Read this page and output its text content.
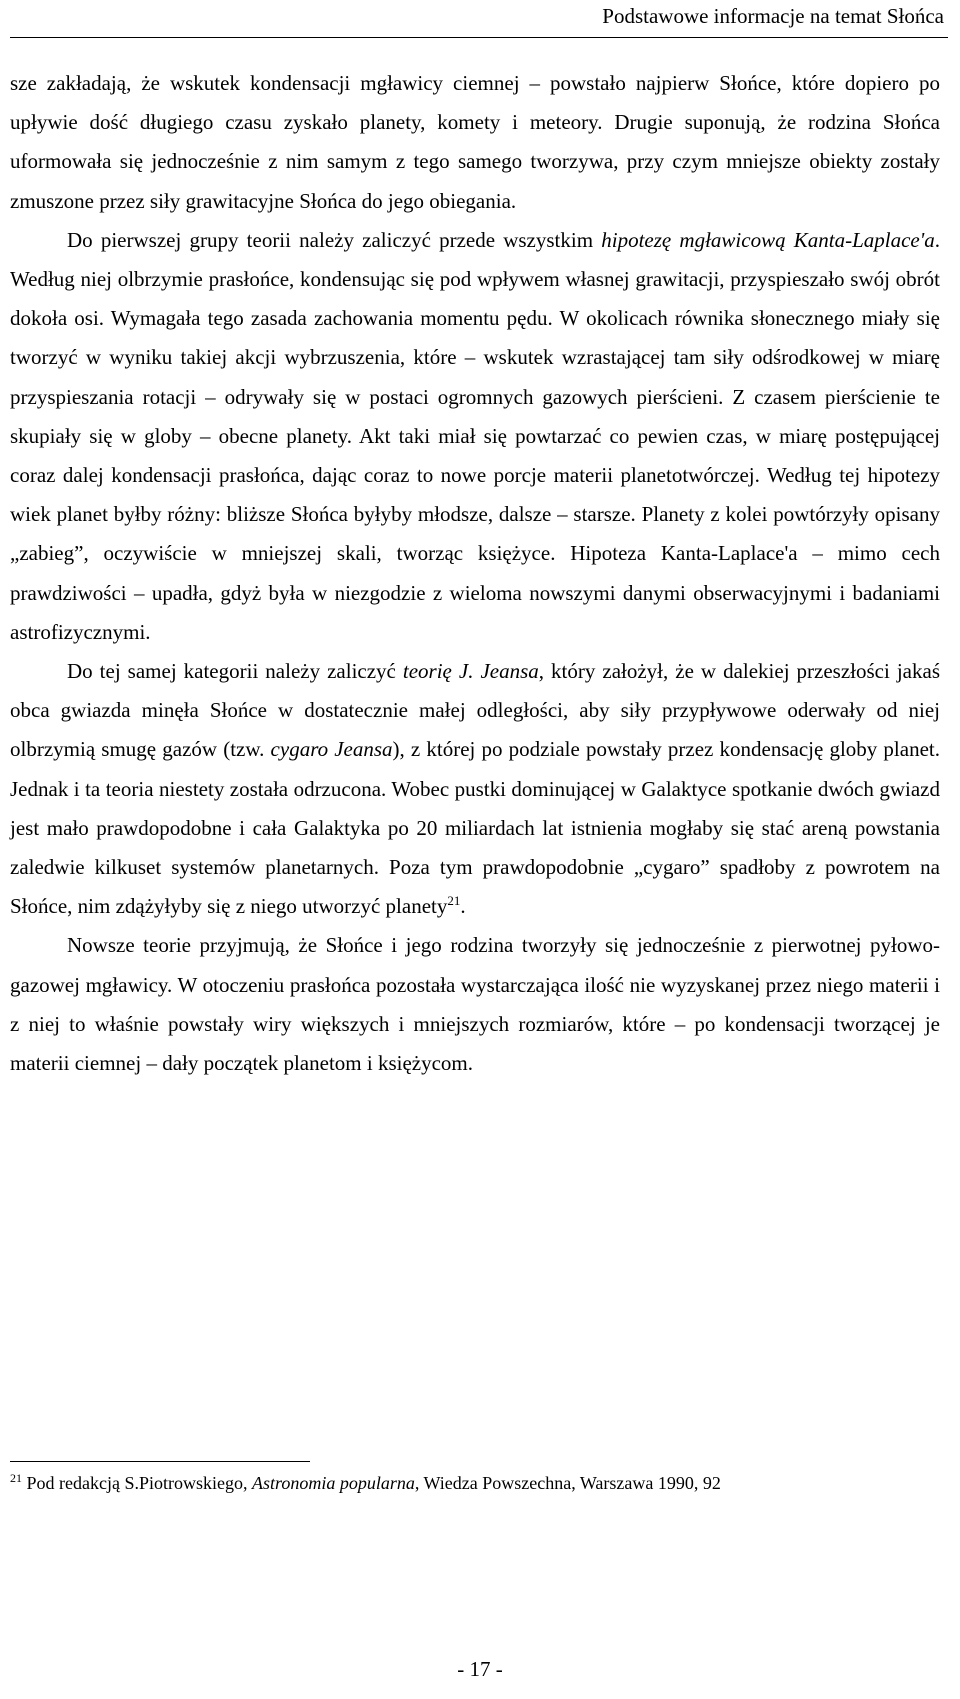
Podstawowe informacje na temat Słońca

sze zakładają, że wskutek kondensacji mgławicy ciemnej – powstało najpierw Słońce, które dopiero po upływie dość długiego czasu zyskało planety, komety i meteory. Drugie suponują, że rodzina Słońca uformowała się jednocześnie z nim samym z tego samego tworzywa, przy czym mniejsze obiekty zostały zmuszone przez siły grawitacyjne Słońca do jego obiegania.

Do pierwszej grupy teorii należy zaliczyć przede wszystkim hipotezę mgławicową Kanta-Laplace'a. Według niej olbrzymie prasłońce, kondensując się pod wpływem własnej grawitacji, przyspieszało swój obrót dokoła osi. Wymagała tego zasada zachowania momentu pędu. W okolicach równika słonecznego miały się tworzyć w wyniku takiej akcji wybrzuszenia, które – wskutek wzrastającej tam siły odśrodkowej w miarę przyspieszania rotacji – odrywały się w postaci ogromnych gazowych pierścieni. Z czasem pierścienie te skupiały się w globy – obecne planety. Akt taki miał się powtarzać co pewien czas, w miarę postępującej coraz dalej kondensacji prasłońca, dając coraz to nowe porcje materii planetotwórczej. Według tej hipotezy wiek planet byłby różny: bliższe Słońca byłyby młodsze, dalsze – starsze. Planety z kolei powtórzyły opisany „zabieg”, oczywiście w mniejszej skali, tworząc księżyce. Hipoteza Kanta-Laplace'a – mimo cech prawdziwości – upadła, gdyż była w niezgodzie z wieloma nowszymi danymi obserwacyjnymi i badaniami astrofizycznymi.

Do tej samej kategorii należy zaliczyć teorię J. Jeansa, który założył, że w dalekiej przeszłości jakaś obca gwiazda minęła Słońce w dostatecznie małej odległości, aby siły przypływowe oderwały od niej olbrzymią smugę gazów (tzw. cygaro Jeansa), z której po podziale powstały przez kondensację globy planet. Jednak i ta teoria niestety została odrzucona. Wobec pustki dominującej w Galaktyce spotkanie dwóch gwiazd jest mało prawdopodobne i cała Galaktyka po 20 miliardach lat istnienia mogłaby się stać areną powstania zaledwie kilkuset systemów planetarnych. Poza tym prawdopodobnie „cygaro” spadłoby z powrotem na Słońce, nim zdążyłyby się z niego utworzyć planety$^{21}$.

Nowsze teorie przyjmują, że Słońce i jego rodzina tworzyły się jednocześnie z pierwotnej pyłowo-gazowej mgławicy. W otoczeniu prasłońca pozostała wystarczająca ilość nie wyzyskanej przez niego materii i z niej to właśnie powstały wiry większych i mniejszych rozmiarów, które – po kondensacji tworzącej je materii ciemnej – dały początek planetom i księżycom.

$^{21}$ Pod redakcją S.Piotrowskiego, Astronomia popularna, Wiedza Powszechna, Warszawa 1990, 92
- 17 -
